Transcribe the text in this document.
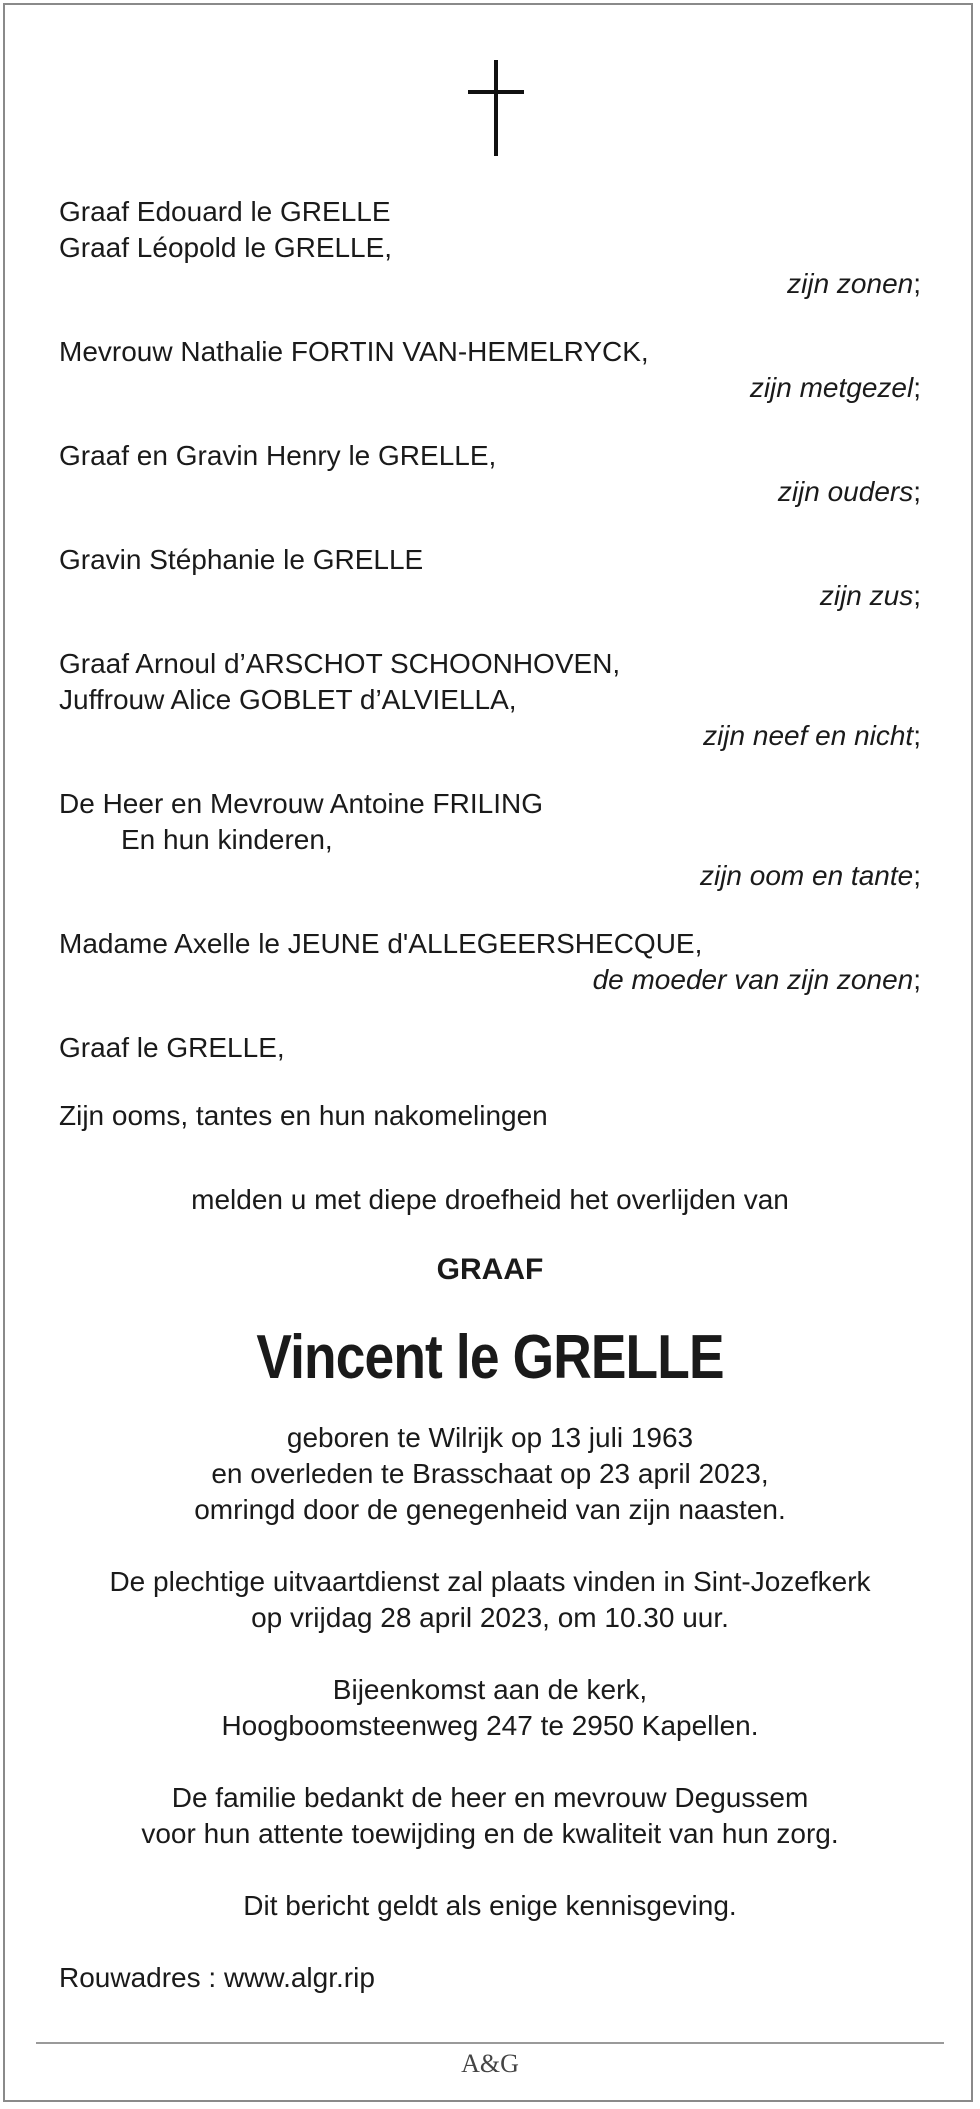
Graaf Edouard le GRELLE
Graaf Léopold le GRELLE,
zijn zonen;
Mevrouw Nathalie FORTIN VAN-HEMELRYCK,
zijn metgezel;
Graaf en Gravin Henry le GRELLE,
zijn ouders;
Gravin Stéphanie le GRELLE
zijn zus;
Graaf Arnoul d’ARSCHOT SCHOONHOVEN,
Juffrouw Alice GOBLET d’ALVIELLA,
zijn neef en nicht;
De Heer en Mevrouw Antoine FRILING
En hun kinderen,
zijn oom en tante;
Madame Axelle le JEUNE d'ALLEGEERSHECQUE,
de moeder van zijn zonen;
Graaf le GRELLE,
Zijn ooms, tantes en hun nakomelingen
melden u met diepe droefheid het overlijden van
GRAAF
Vincent le GRELLE
geboren te Wilrijk op 13 juli 1963
en overleden te Brasschaat op 23 april 2023,
omringd door de genegenheid van zijn naasten.
De plechtige uitvaartdienst zal plaats vinden in Sint-Jozefkerk
op vrijdag 28 april 2023, om 10.30 uur.
Bijeenkomst aan de kerk,
Hoogboomsteenweg 247 te 2950 Kapellen.
De familie bedankt de heer en mevrouw Degussem
voor hun attente toewijding en de kwaliteit van hun zorg.
Dit bericht geldt als enige kennisgeving.
Rouwadres : www.algr.rip
A&G
